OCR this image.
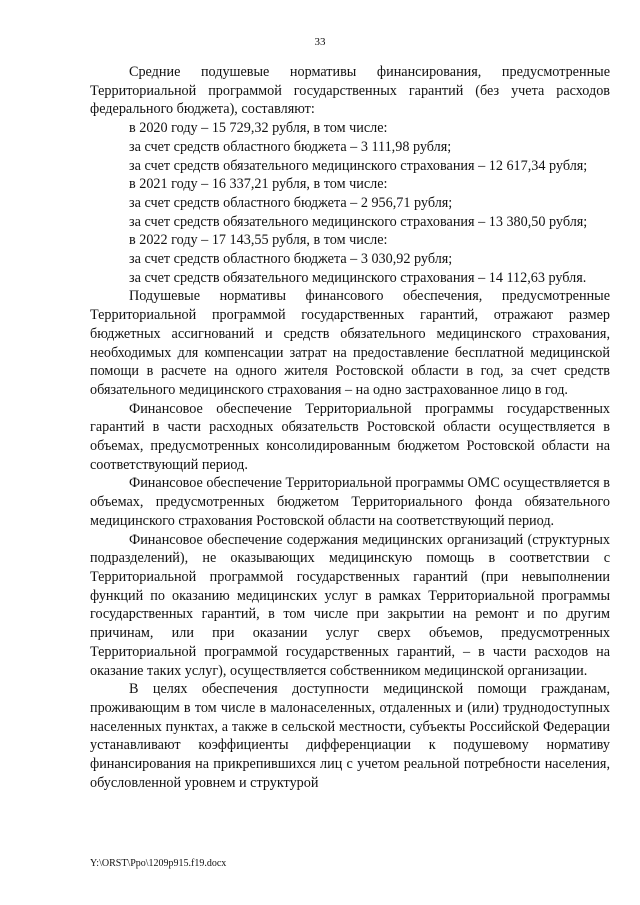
33

Средние подушевые нормативы финансирования, предусмотренные Территориальной программой государственных гарантий (без учета расходов федерального бюджета), составляют:

в 2020 году – 15 729,32 рубля, в том числе:

за счет средств областного бюджета – 3 111,98 рубля;

за счет средств обязательного медицинского страхования – 12 617,34 рубля;

в 2021 году – 16 337,21 рубля, в том числе:

за счет средств областного бюджета – 2 956,71 рубля;

за счет средств обязательного медицинского страхования – 13 380,50 рубля;

в 2022 году – 17 143,55 рубля, в том числе:

за счет средств областного бюджета – 3 030,92 рубля;

за счет средств обязательного медицинского страхования – 14 112,63 рубля.

Подушевые нормативы финансового обеспечения, предусмотренные Территориальной программой государственных гарантий, отражают размер бюджетных ассигнований и средств обязательного медицинского страхования, необходимых для компенсации затрат на предоставление бесплатной медицинской помощи в расчете на одного жителя Ростовской области в год, за счет средств обязательного медицинского страхования – на одно застрахованное лицо в год.

Финансовое обеспечение Территориальной программы государственных гарантий в части расходных обязательств Ростовской области осуществляется в объемах, предусмотренных консолидированным бюджетом Ростовской области на соответствующий период.

Финансовое обеспечение Территориальной программы ОМС осуществляется в объемах, предусмотренных бюджетом Территориального фонда обязательного медицинского страхования Ростовской области на соответствующий период.

Финансовое обеспечение содержания медицинских организаций (структурных подразделений), не оказывающих медицинскую помощь в соответствии с Территориальной программой государственных гарантий (при невыполнении функций по оказанию медицинских услуг в рамках Территориальной программы государственных гарантий, в том числе при закрытии на ремонт и по другим причинам, или при оказании услуг сверх объемов, предусмотренных Территориальной программой государственных гарантий, – в части расходов на оказание таких услуг), осуществляется собственником медицинской организации.

В целях обеспечения доступности медицинской помощи гражданам, проживающим в том числе в малонаселенных, отдаленных и (или) труднодоступных населенных пунктах, а также в сельской местности, субъекты Российской Федерации устанавливают коэффициенты дифференциации к подушевому нормативу финансирования на прикрепившихся лиц с учетом реальной потребности населения, обусловленной уровнем и структурой

Y:\ORST\Ppo\1209p915.f19.docx
